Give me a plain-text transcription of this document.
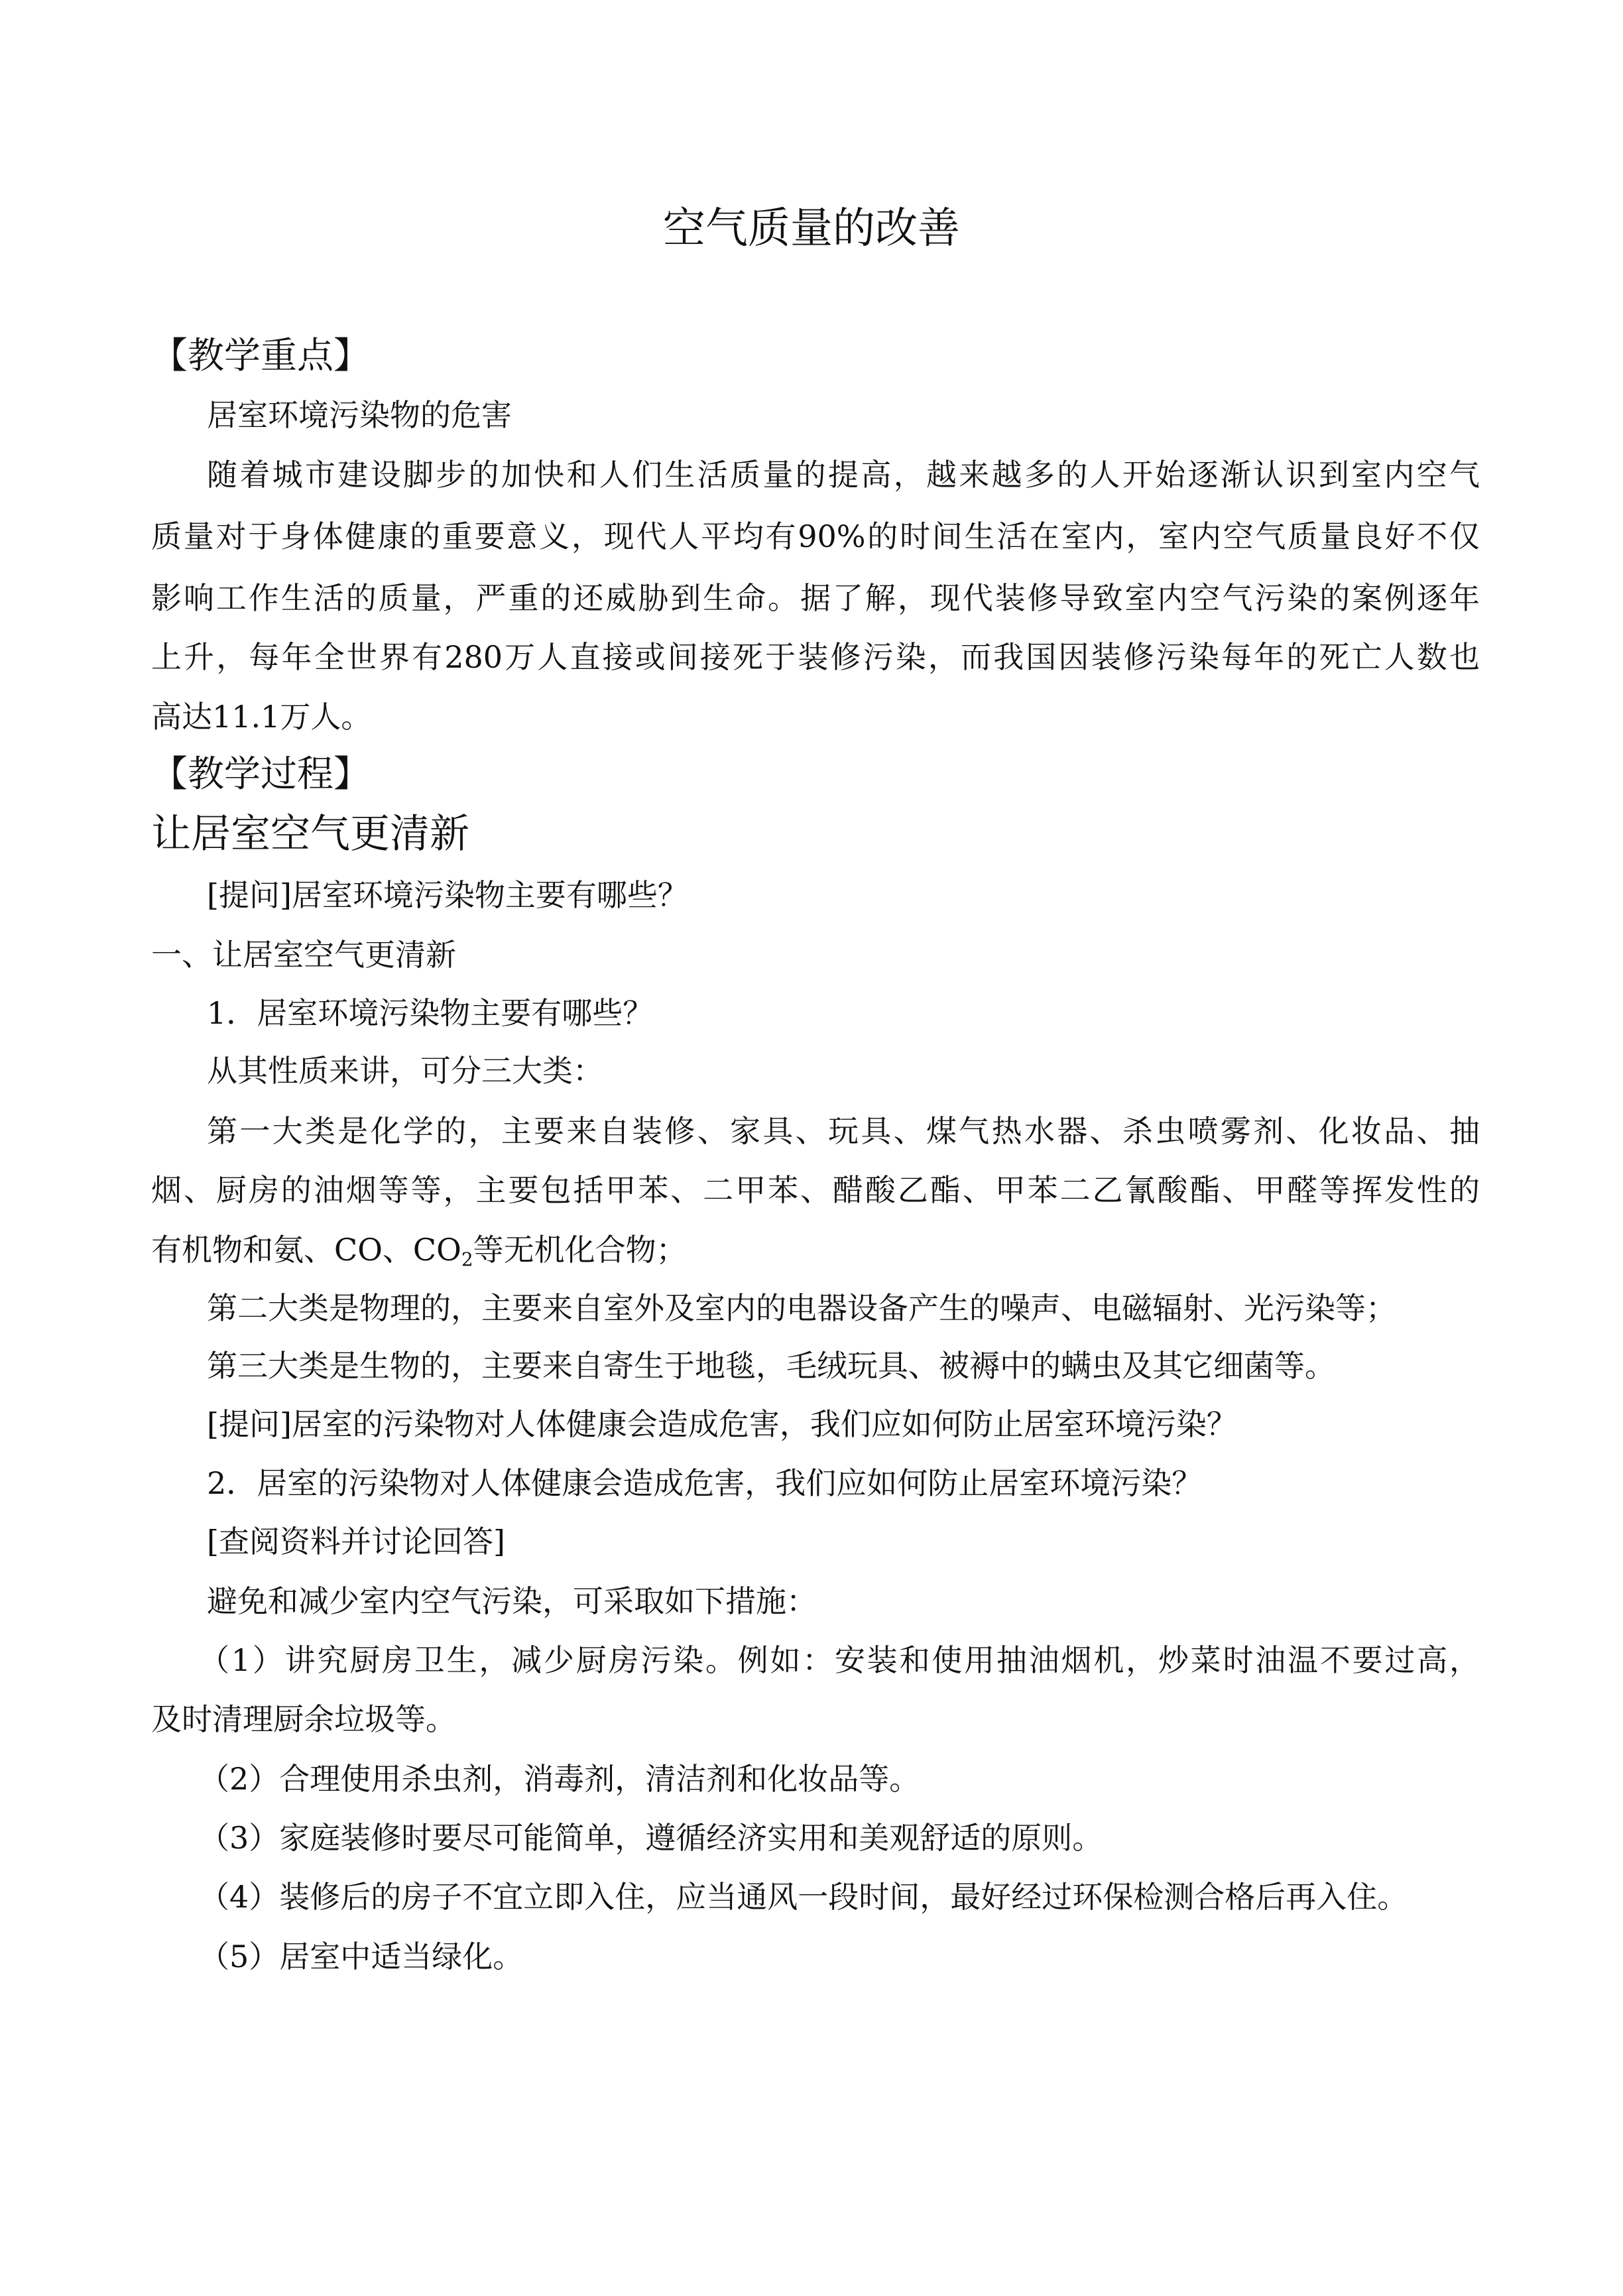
空气质量的改善
【教学重点】
居室环境污染物的危害
随着城市建设脚步的加快和人们生活质量的提高，越来越多的人开始逐渐认识到室内空气
质量对于身体健康的重要意义，现代人平均有90%的时间生活在室内，室内空气质量良好不仅
影响工作生活的质量，严重的还威胁到生命。据了解，现代装修导致室内空气污染的案例逐年
上升，每年全世界有280万人直接或间接死于装修污染，而我国因装修污染每年的死亡人数也
高达11.1万人。
【教学过程】
让居室空气更清新
[提问]居室环境污染物主要有哪些？
一、让居室空气更清新
1．居室环境污染物主要有哪些？
从其性质来讲，可分三大类：
第一大类是化学的，主要来自装修、家具、玩具、煤气热水器、杀虫喷雾剂、化妆品、抽
烟、厨房的油烟等等，主要包括甲苯、二甲苯、醋酸乙酯、甲苯二乙氰酸酯、甲醛等挥发性的
有机物和氨、CO、$CO_2$等无机化合物；
第二大类是物理的，主要来自室外及室内的电器设备产生的噪声、电磁辐射、光污染等；
第三大类是生物的，主要来自寄生于地毯，毛绒玩具、被褥中的螨虫及其它细菌等。
[提问]居室的污染物对人体健康会造成危害，我们应如何防止居室环境污染？
2．居室的污染物对人体健康会造成危害，我们应如何防止居室环境污染？
[查阅资料并讨论回答]
避免和减少室内空气污染，可采取如下措施：
（1）讲究厨房卫生，减少厨房污染。例如：安装和使用抽油烟机，炒菜时油温不要过高，
及时清理厨余垃圾等。
（2）合理使用杀虫剂，消毒剂，清洁剂和化妆品等。
（3）家庭装修时要尽可能简单，遵循经济实用和美观舒适的原则。
（4）装修后的房子不宜立即入住，应当通风一段时间，最好经过环保检测合格后再入住。
（5）居室中适当绿化。
